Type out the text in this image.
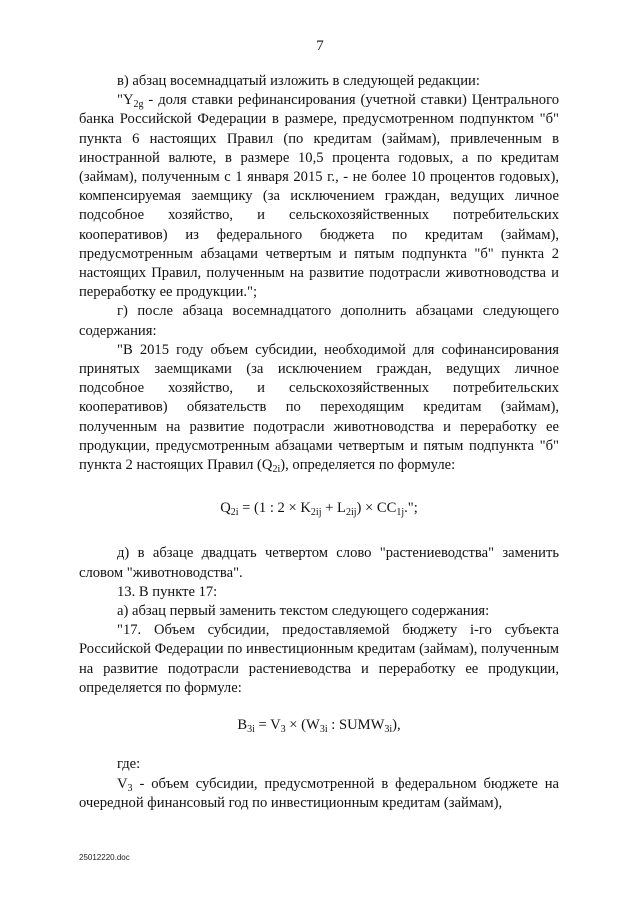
7

в) абзац восемнадцатый изложить в следующей редакции:

"$Y_{2g}$ - доля ставки рефинансирования (учетной ставки) Центрального банка Российской Федерации в размере, предусмотренном подпунктом "б" пункта 6 настоящих Правил (по кредитам (займам), привлеченным в иностранной валюте, в размере 10,5 процента годовых, а по кредитам (займам), полученным с 1 января 2015 г., - не более 10 процентов годовых), компенсируемая заемщику (за исключением граждан, ведущих личное подсобное хозяйство, и сельскохозяйственных потребительских кооперативов) из федерального бюджета по кредитам (займам), предусмотренным абзацами четвертым и пятым подпункта "б" пункта 2 настоящих Правил, полученным на развитие подотрасли животноводства и переработку ее продукции.";

г) после абзаца восемнадцатого дополнить абзацами следующего содержания:

"В 2015 году объем субсидии, необходимой для софинансирования принятых заемщиками (за исключением граждан, ведущих личное подсобное хозяйство, и сельскохозяйственных потребительских кооперативов) обязательств по переходящим кредитам (займам), полученным на развитие подотрасли животноводства и переработку ее продукции, предусмотренным абзацами четвертым и пятым подпункта "б" пункта 2 настоящих Правил $(Q_{2i})$, определяется по формуле:

$Q_{2i} = (1$ : $2 \times K_{2ij} + L_{2ij}) \times CC_{1j}$.";

д) в абзаце двадцать четвертом слово "растениеводства" заменить словом "животноводства".

13. В пункте 17:

а) абзац первый заменить текстом следующего содержания:

"17. Объем субсидии, предоставляемой бюджету i-го субъекта Российской Федерации по инвестиционным кредитам (займам), полученным на развитие подотрасли растениеводства и переработку ее продукции, определяется по формуле:

$B_{3i} = V_3 \times (W_{3i}$ : $SUMW_{3i}$),

где:

$V_3$ - объем субсидии, предусмотренной в федеральном бюджете на очередной финансовый год по инвестиционным кредитам (займам),

25012220.doc
